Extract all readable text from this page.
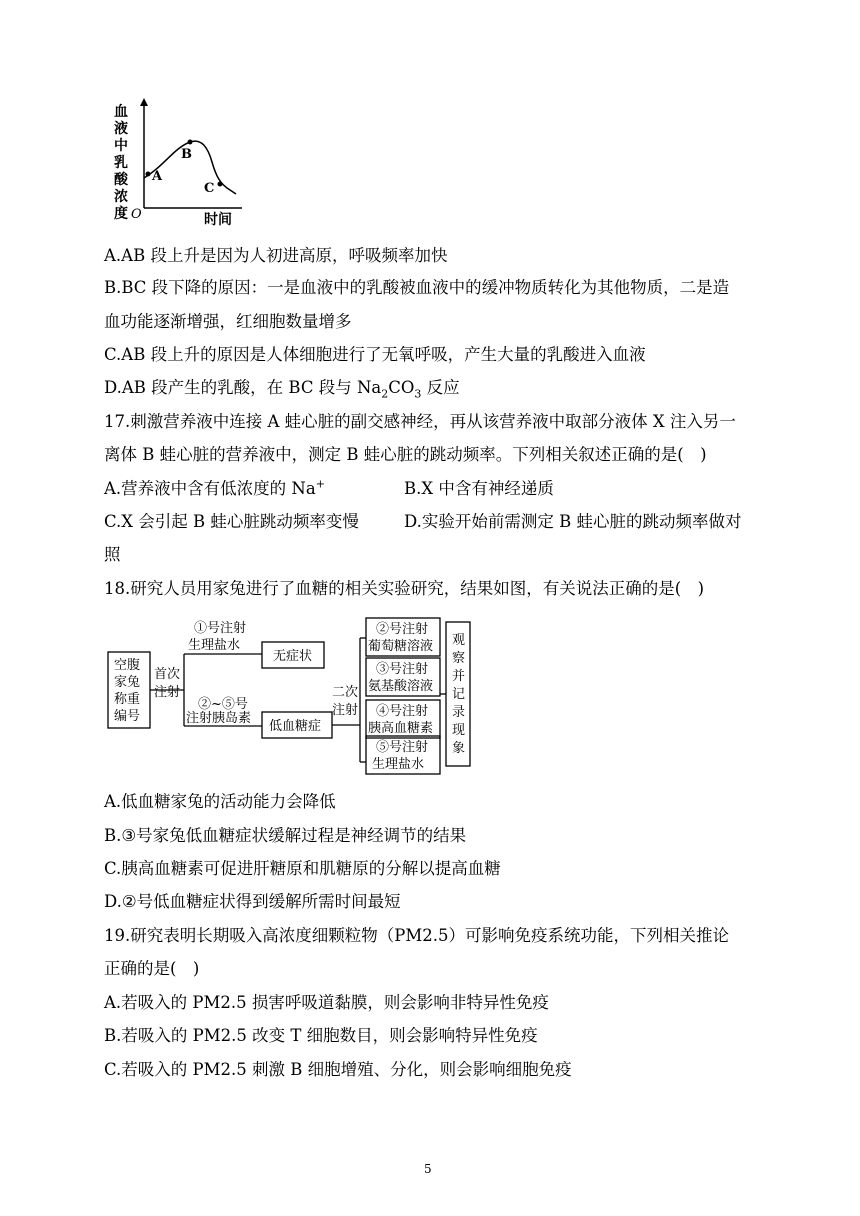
血
液
中
乳
酸
浓
度 O	时间
A
B
C
A.AB 段上升是因为人初进高原，呼吸频率加快
B.BC 段下降的原因：一是血液中的乳酸被血液中的缓冲物质转化为其他物质，二是造
血功能逐渐增强，红细胞数量增多
C.AB 段上升的原因是人体细胞进行了无氧呼吸，产生大量的乳酸进入血液
D.AB 段产生的乳酸，在 BC 段与 $Na_2CO_3$ 反应
17.刺激营养液中连接 A 蛙心脏的副交感神经，再从该营养液中取部分液体 X 注入另一
离体 B 蛙心脏的营养液中，测定 B 蛙心脏的跳动频率。下列相关叙述正确的是(　)
A.营养液中含有低浓度的 Na+	B.X 中含有神经递质
C.X 会引起 B 蛙心脏跳动频率变慢	D.实验开始前需测定 B 蛙心脏的跳动频率做对
照
18.研究人员用家兔进行了血糖的相关实验研究，结果如图，有关说法正确的是(　)
空腹
家兔
称重
编号
首次
注射
①号注射
生理盐水
无症状
②~⑤号
注射胰岛素
低血糖症
二次
注射
②号注射
葡萄糖溶液
③号注射
氨基酸溶液
④号注射
胰高血糖素
⑤号注射
生理盐水
观
察
并
记
录
现
象
A.低血糖家兔的活动能力会降低
B.③号家兔低血糖症状缓解过程是神经调节的结果
C.胰高血糖素可促进肝糖原和肌糖原的分解以提高血糖
D.②号低血糖症状得到缓解所需时间最短
19.研究表明长期吸入高浓度细颗粒物（PM2.5）可影响免疫系统功能，下列相关推论
正确的是(　)
A.若吸入的 PM2.5 损害呼吸道黏膜，则会影响非特异性免疫
B.若吸入的 PM2.5 改变 T 细胞数目，则会影响特异性免疫
C.若吸入的 PM2.5 刺激 B 细胞增殖、分化，则会影响细胞免疫
5
